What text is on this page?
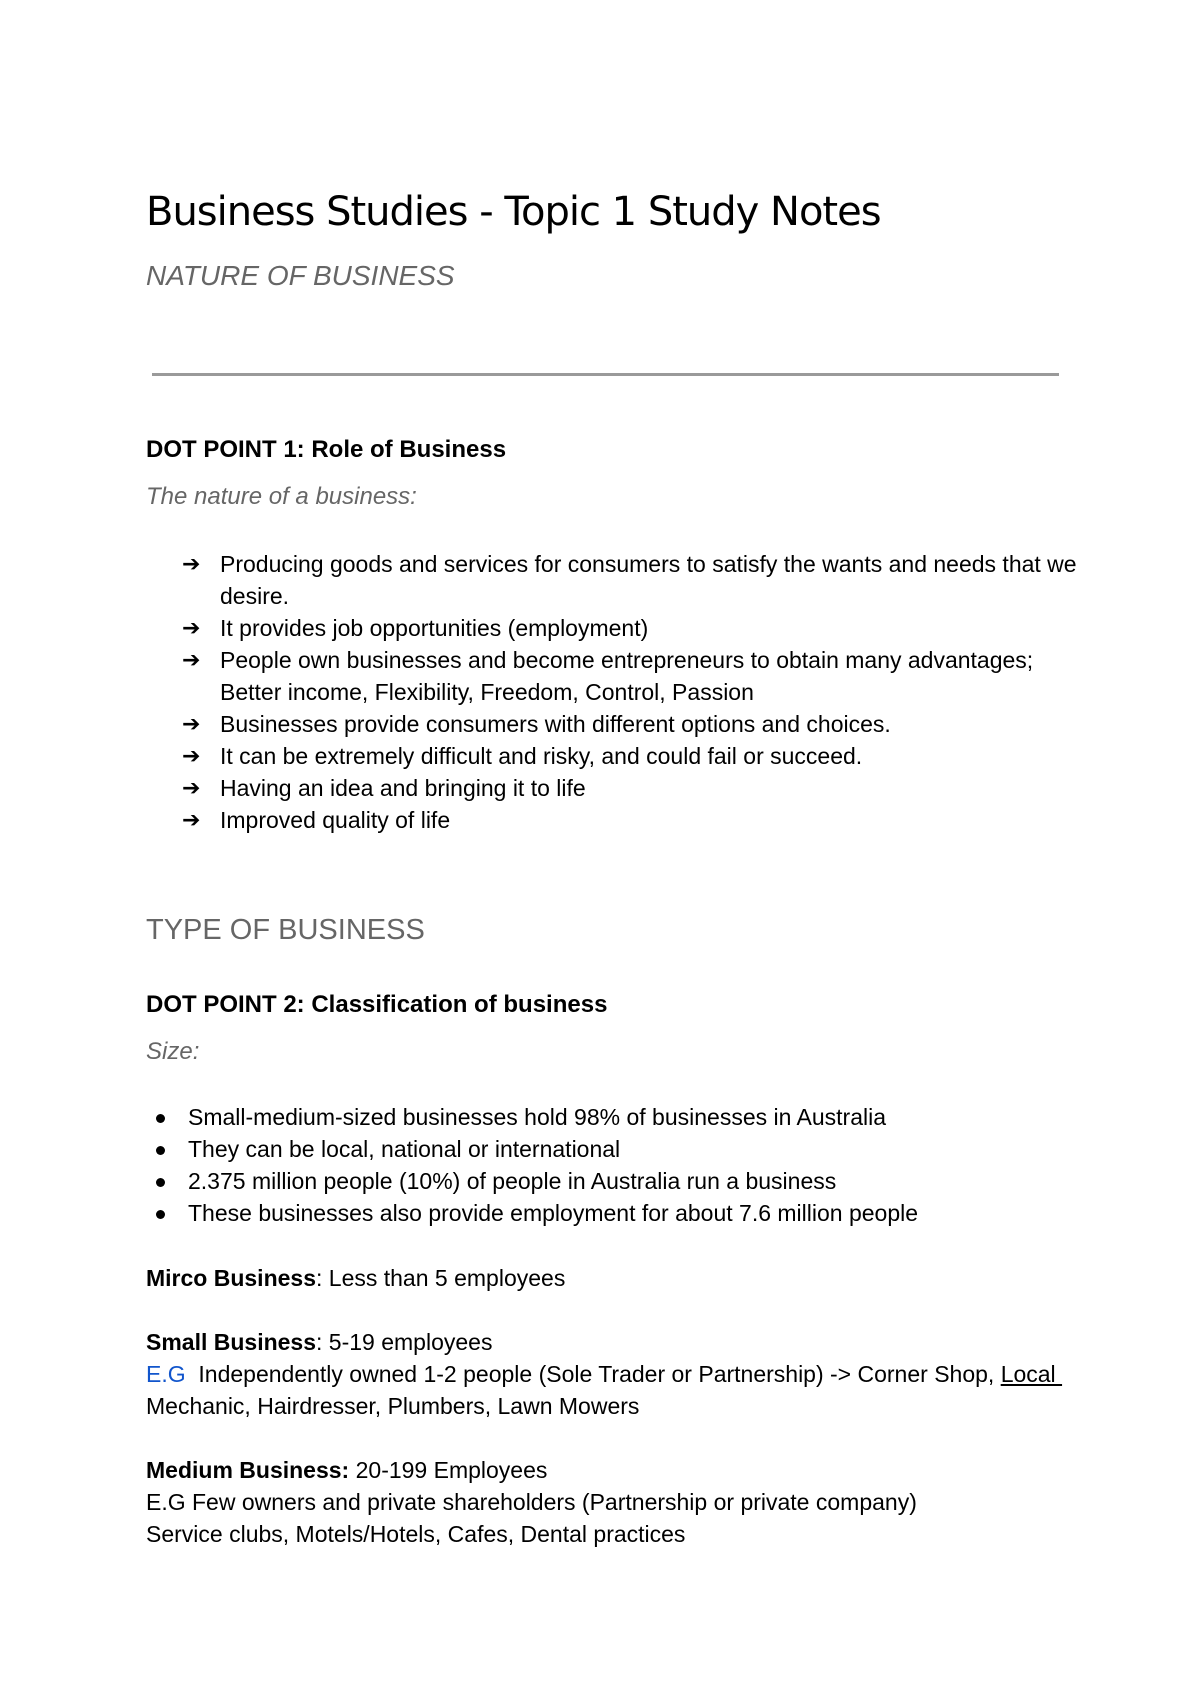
Business Studies - Topic 1 Study Notes
NATURE OF BUSINESS
DOT POINT 1: Role of Business
The nature of a business:
➔ Producing goods and services for consumers to satisfy the wants and needs that we desire.
➔ It provides job opportunities (employment)
➔ People own businesses and become entrepreneurs to obtain many advantages; Better income, Flexibility, Freedom, Control, Passion
➔ Businesses provide consumers with different options and choices.
➔ It can be extremely difficult and risky, and could fail or succeed.
➔ Having an idea and bringing it to life
➔ Improved quality of life
TYPE OF BUSINESS
DOT POINT 2: Classification of business
Size:
Small-medium-sized businesses hold 98% of businesses in Australia
They can be local, national or international
2.375 million people (10%) of people in Australia run a business
These businesses also provide employment for about 7.6 million people

Mirco Business: Less than 5 employees

Small Business: 5-19 employees
E.G  Independently owned 1-2 people (Sole Trader or Partnership) -> Corner Shop, Local Mechanic, Hairdresser, Plumbers, Lawn Mowers

Medium Business: 20-199 Employees
E.G Few owners and private shareholders (Partnership or private company)
Service clubs, Motels/Hotels, Cafes, Dental practices
